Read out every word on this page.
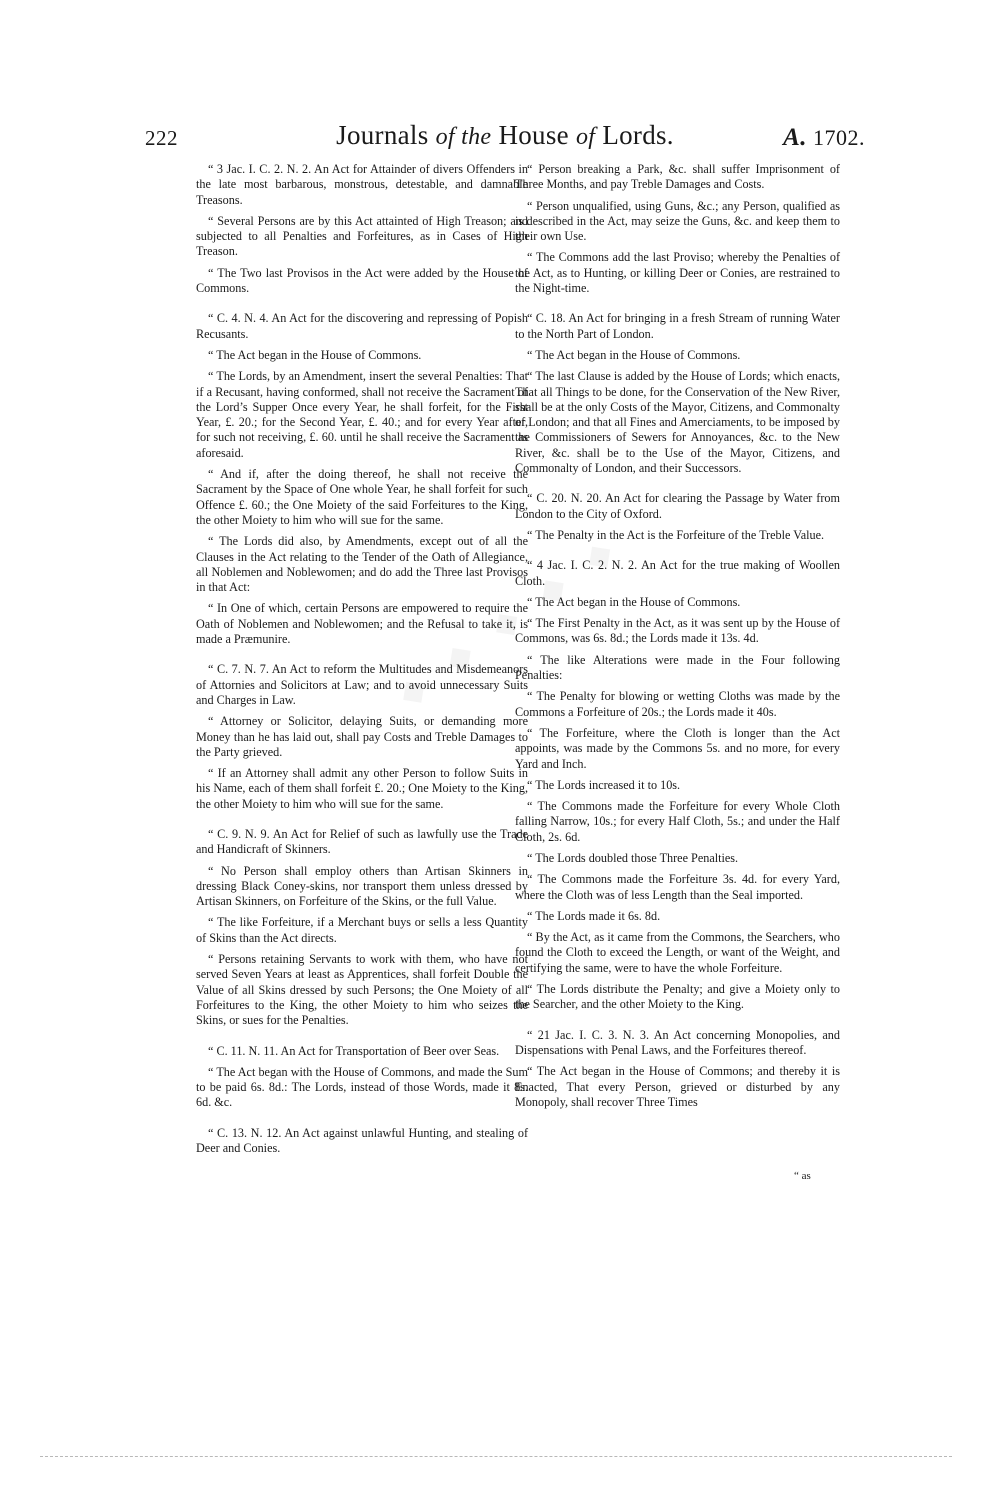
222	Journals of the House of Lords.	A. 1702.

“ 3 Jac. I. C. 2. N. 2. An Act for Attainder of divers Offenders in the late most barbarous, monstrous, detestable, and damnable Treasons.

“ Several Persons are by this Act attainted of High Treason; and subjected to all Penalties and Forfeitures, as in Cases of High Treason.

“ The Two last Provisos in the Act were added by the House of Commons.

“ C. 4. N. 4. An Act for the discovering and repressing of Popish Recusants.

“ The Act began in the House of Commons.

“ The Lords, by an Amendment, insert the several Penalties: That if a Recusant, having conformed, shall not receive the Sacrament of the Lord’s Supper Once every Year, he shall forfeit, for the First Year, £. 20.; for the Second Year, £. 40.; and for every Year after, for such not receiving, £. 60. until he shall receive the Sacrament as aforesaid.

“ And if, after the doing thereof, he shall not receive the Sacrament by the Space of One whole Year, he shall forfeit for such Offence £. 60.; the One Moiety of the said Forfeitures to the King, the other Moiety to him who will sue for the same.

“ The Lords did also, by Amendments, except out of all the Clauses in the Act relating to the Tender of the Oath of Allegiance, all Noblemen and Noblewomen; and do add the Three last Provisos in that Act:

“ In One of which, certain Persons are empowered to require the Oath of Noblemen and Noblewomen; and the Refusal to take it, is made a Præmunire.

“ C. 7. N. 7. An Act to reform the Multitudes and Misdemeanors of Attornies and Solicitors at Law; and to avoid unnecessary Suits and Charges in Law.

“ Attorney or Solicitor, delaying Suits, or demanding more Money than he has laid out, shall pay Costs and Treble Damages to the Party grieved.

“ If an Attorney shall admit any other Person to follow Suits in his Name, each of them shall forfeit £. 20.; One Moiety to the King, the other Moiety to him who will sue for the same.

“ C. 9. N. 9. An Act for Relief of such as lawfully use the Trade and Handicraft of Skinners.

“ No Person shall employ others than Artisan Skinners in dressing Black Coney-skins, nor transport them unless dressed by Artisan Skinners, on Forfeiture of the Skins, or the full Value.

“ The like Forfeiture, if a Merchant buys or sells a less Quantity of Skins than the Act directs.

“ Persons retaining Servants to work with them, who have not served Seven Years at least as Apprentices, shall forfeit Double the Value of all Skins dressed by such Persons; the One Moiety of all Forfeitures to the King, the other Moiety to him who seizes the Skins, or sues for the Penalties.

“ C. 11. N. 11. An Act for Transportation of Beer over Seas.

“ The Act began with the House of Commons, and made the Sum to be paid 6s. 8d.: The Lords, instead of those Words, made it 8s. 6d. &c.

“ C. 13. N. 12. An Act against unlawful Hunting, and stealing of Deer and Conies.

“ Person breaking a Park, &c. shall suffer Imprisonment of Three Months, and pay Treble Damages and Costs.

“ Person unqualified, using Guns, &c.; any Person, qualified as is described in the Act, may seize the Guns, &c. and keep them to their own Use.

“ The Commons add the last Proviso; whereby the Penalties of the Act, as to Hunting, or killing Deer or Conies, are restrained to the Night-time.

“ C. 18. An Act for bringing in a fresh Stream of running Water to the North Part of London.

“ The Act began in the House of Commons.

“ The last Clause is added by the House of Lords; which enacts, That all Things to be done, for the Conservation of the New River, shall be at the only Costs of the Mayor, Citizens, and Commonalty of London; and that all Fines and Amerciaments, to be imposed by the Commissioners of Sewers for Annoyances, &c. to the New River, &c. shall be to the Use of the Mayor, Citizens, and Commonalty of London, and their Successors.

“ C. 20. N. 20. An Act for clearing the Passage by Water from London to the City of Oxford.

“ The Penalty in the Act is the Forfeiture of the Treble Value.

“ 4 Jac. I. C. 2. N. 2. An Act for the true making of Woollen Cloth.

“ The Act began in the House of Commons.

“ The First Penalty in the Act, as it was sent up by the House of Commons, was 6s. 8d.; the Lords made it 13s. 4d.

“ The like Alterations were made in the Four following Penalties:

“ The Penalty for blowing or wetting Cloths was made by the Commons a Forfeiture of 20s.; the Lords made it 40s.

“ The Forfeiture, where the Cloth is longer than the Act appoints, was made by the Commons 5s. and no more, for every Yard and Inch.

“ The Lords increased it to 10s.

“ The Commons made the Forfeiture for every Whole Cloth falling Narrow, 10s.; for every Half Cloth, 5s.; and under the Half Cloth, 2s. 6d.

“ The Lords doubled those Three Penalties.

“ The Commons made the Forfeiture 3s. 4d. for every Yard, where the Cloth was of less Length than the Seal imported.

“ The Lords made it 6s. 8d.

“ By the Act, as it came from the Commons, the Searchers, who found the Cloth to exceed the Length, or want of the Weight, and certifying the same, were to have the whole Forfeiture.

“ The Lords distribute the Penalty; and give a Moiety only to the Searcher, and the other Moiety to the King.

“ 21 Jac. I. C. 3. N. 3. An Act concerning Monopolies, and Dispensations with Penal Laws, and the Forfeitures thereof.

“ The Act began in the House of Commons; and thereby it is Enacted, That every Person, grieved or disturbed by any Monopoly, shall recover Three Times

“ as
